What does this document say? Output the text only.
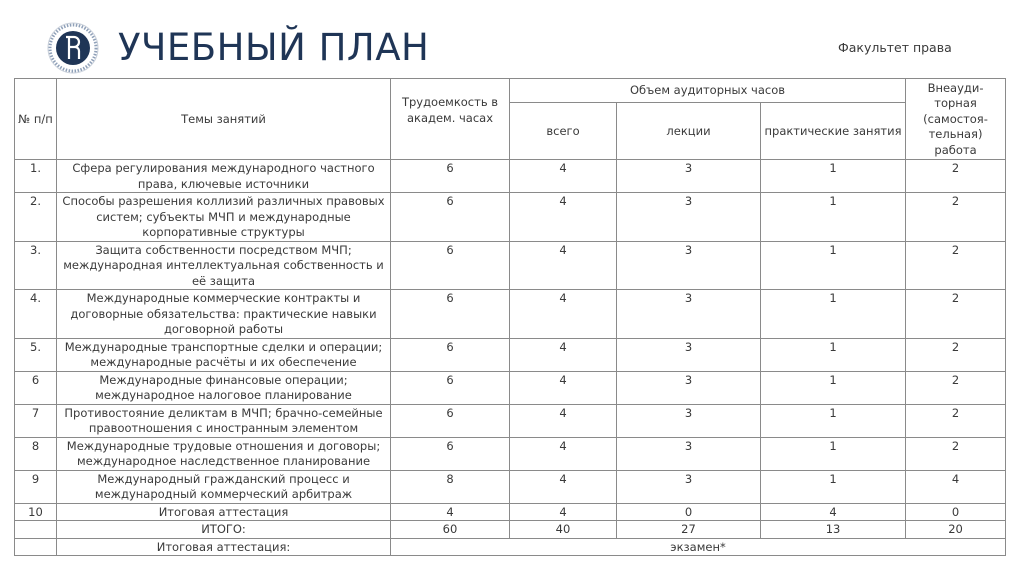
УЧЕБНЫЙ ПЛАН	Факультет права
№ п/п	Темы занятий	Трудоемкость в академ. часах	Объем аудиторных часов			Внеауди-торная (самостоя-тельная) работа
			всего	лекции	практические занятия	
1.	Сфера регулирования международного частного права, ключевые источники	6	4	3	1	2
2.	Способы разрешения коллизий различных правовых систем; субъекты МЧП и международные корпоративные структуры	6	4	3	1	2
3.	Защита собственности посредством МЧП; международная интеллектуальная собственность и её защита	6	4	3	1	2
4.	Международные коммерческие контракты и договорные обязательства: практические навыки договорной работы	6	4	3	1	2
5.	Международные транспортные сделки и операции; международные расчёты и их обеспечение	6	4	3	1	2
6	Международные финансовые операции; международное налоговое планирование	6	4	3	1	2
7	Противостояние деликтам в МЧП; брачно-семейные правоотношения с иностранным элементом	6	4	3	1	2
8	Международные трудовые отношения и договоры; международное наследственное планирование	6	4	3	1	2
9	Международный гражданский процесс и международный коммерческий арбитраж	8	4	3	1	4
10	Итоговая аттестация	4	4	0	4	0
	ИТОГО:	60	40	27	13	20
	Итоговая аттестация:	экзамен*				
